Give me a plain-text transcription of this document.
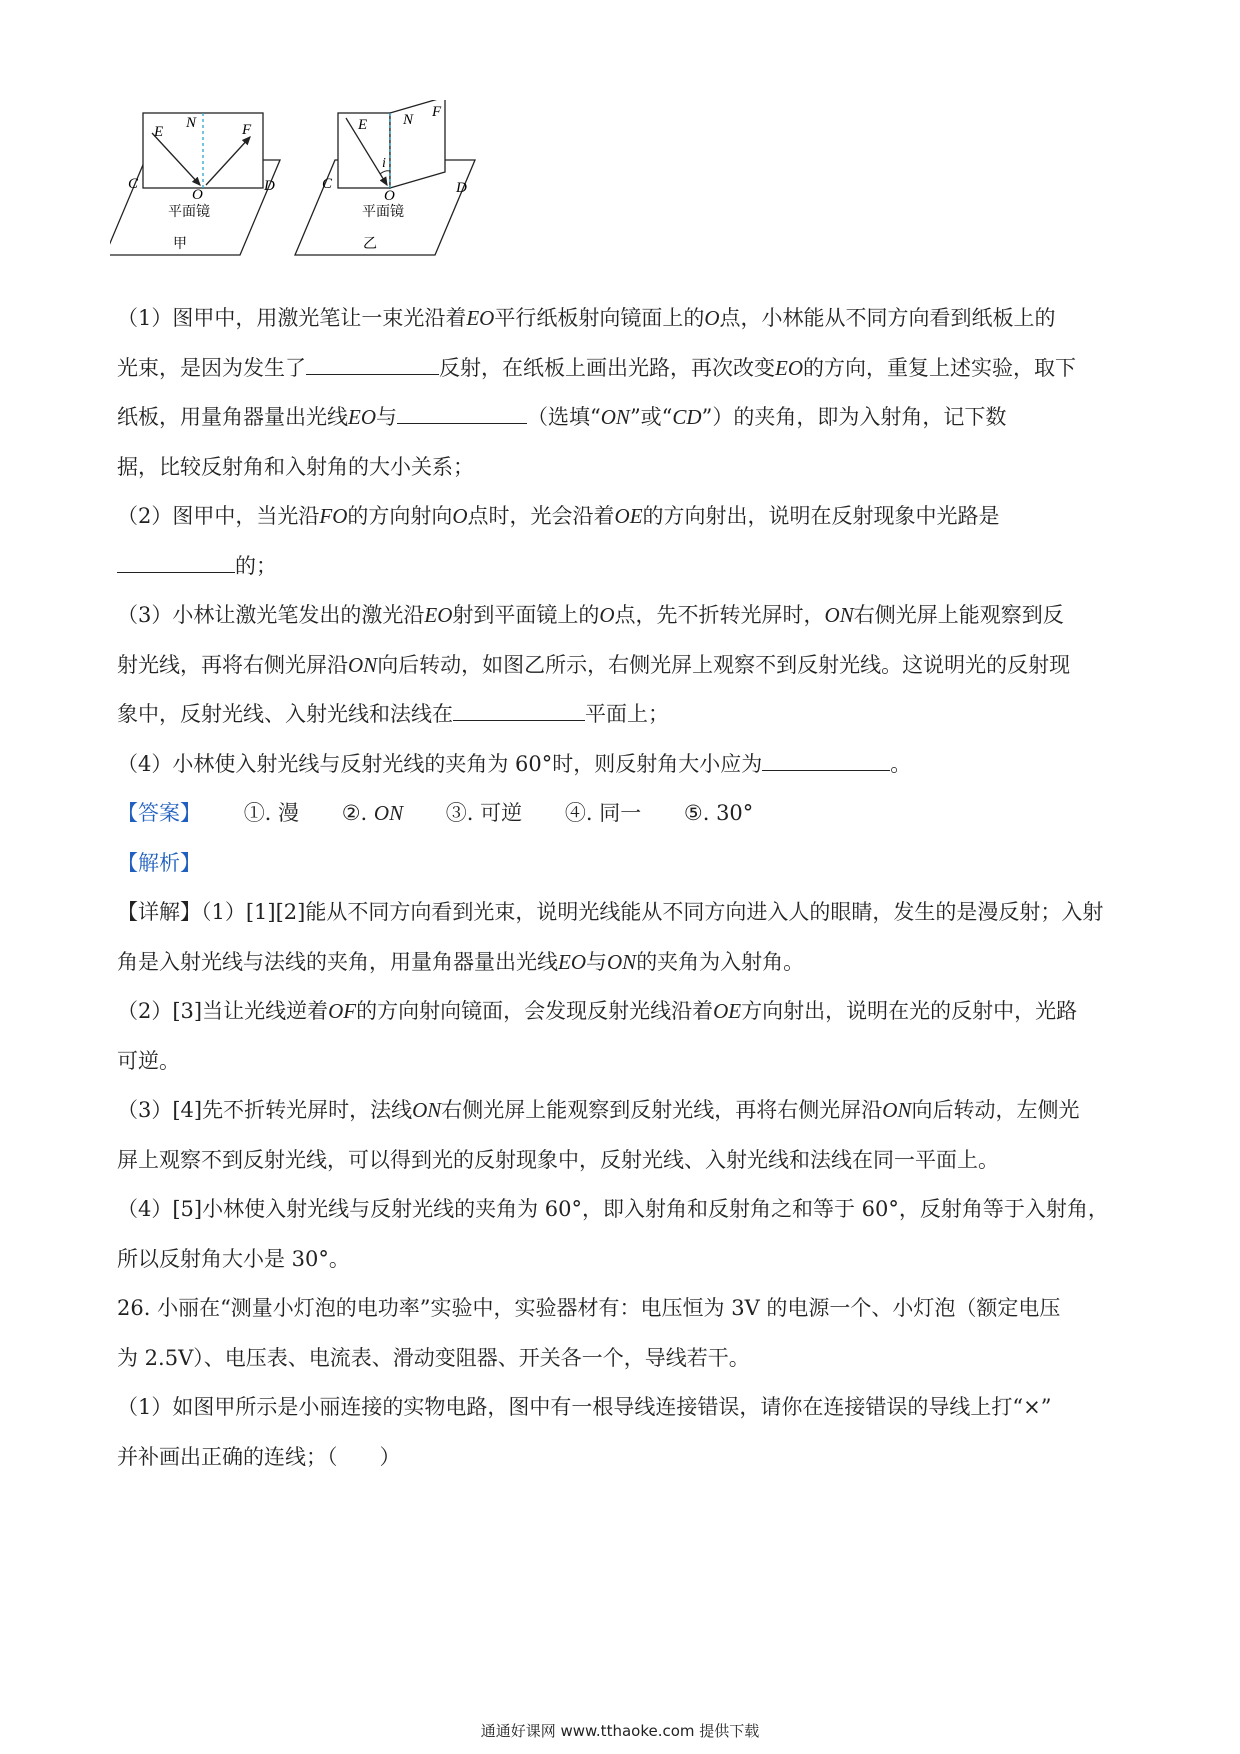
E
N	F
C
O
D
平面镜
甲
E N F
i
C
O	D
平面镜
乙
（1）图甲中，用激光笔让一束光沿着EO平行纸板射向镜面上的O点，小林能从不同方向看到纸板上的
光束，是因为发生了	反射，在纸板上画出光路，再次改变EO的方向，重复上述实验，取下
纸板，用量角器量出光线EO与	（选填“ON”或“CD”）的夹角，即为入射角，记下数
据，比较反射角和入射角的大小关系；
（2）图甲中，当光沿FO的方向射向O点时，光会沿着OE的方向射出，说明在反射现象中光路是
的；
（3）小林让激光笔发出的激光沿EO射到平面镜上的O点，先不折转光屏时，ON右侧光屏上能观察到反
射光线，再将右侧光屏沿ON向后转动，如图乙所示，右侧光屏上观察不到反射光线。这说明光的反射现
象中，反射光线、入射光线和法线在	平面上；
（4）小林使入射光线与反射光线的夹角为 60°时，则反射角大小应为	。
【答案】 ①. 漫 ②. ON ③. 可逆 ④. 同一 ⑤. 30°
【解析】
【详解】（1）[1][2]能从不同方向看到光束，说明光线能从不同方向进入人的眼睛，发生的是漫反射；入射
角是入射光线与法线的夹角，用量角器量出光线EO与ON的夹角为入射角。
（2）[3]当让光线逆着OF的方向射向镜面，会发现反射光线沿着OE方向射出，说明在光的反射中，光路
可逆。
（3）[4]先不折转光屏时，法线ON右侧光屏上能观察到反射光线，再将右侧光屏沿ON向后转动，左侧光
屏上观察不到反射光线，可以得到光的反射现象中，反射光线、入射光线和法线在同一平面上。
（4）[5]小林使入射光线与反射光线的夹角为 60°，即入射角和反射角之和等于 60°，反射角等于入射角，
所以反射角大小是 30°。
26. 小丽在“测量小灯泡的电功率”实验中，实验器材有：电压恒为 3V 的电源一个、小灯泡（额定电压
为 2.5V）、电压表、电流表、滑动变阻器、开关各一个，导线若干。
（1）如图甲所示是小丽连接的实物电路，图中有一根导线连接错误，请你在连接错误的导线上打“×”
并补画出正确的连线；（　　）
通通好课网 www.tthaoke.com 提供下载
